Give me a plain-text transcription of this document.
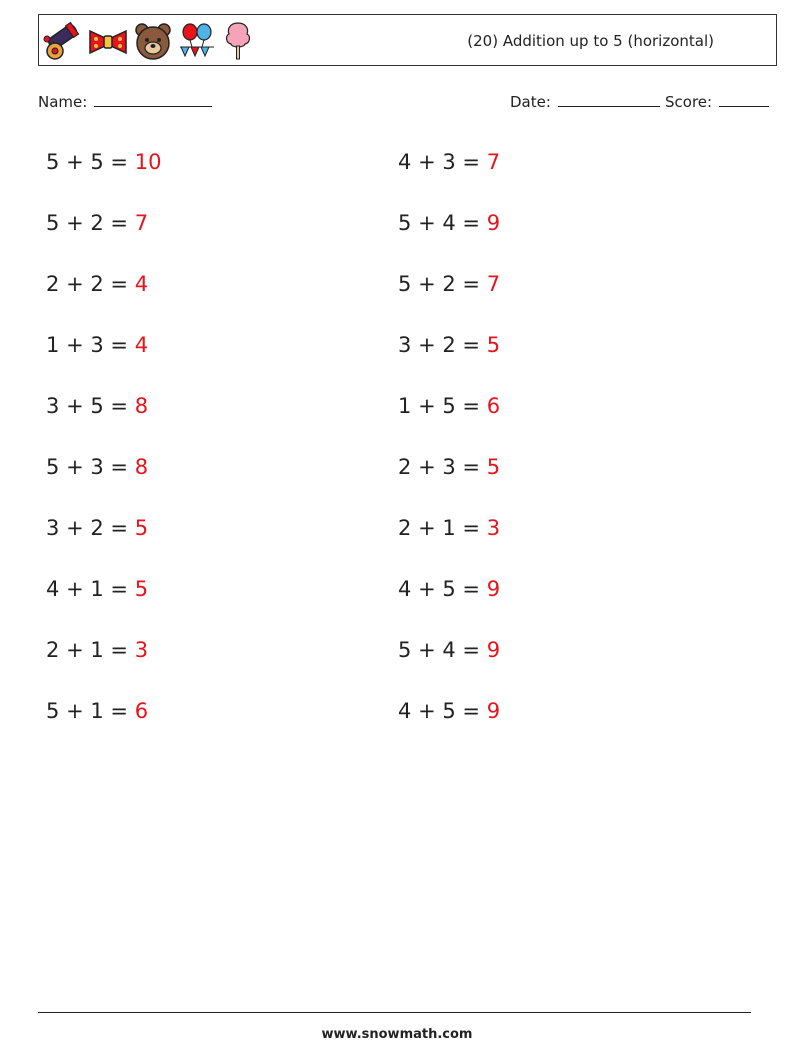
(20) Addition up to 5 (horizontal)
Name:	Date:	Score:
5 + 5 = 10
5 + 2 = 7
2 + 2 = 4
1 + 3 = 4
3 + 5 = 8
5 + 3 = 8
3 + 2 = 5
4 + 1 = 5
2 + 1 = 3
5 + 1 = 6
4 + 3 = 7
5 + 4 = 9
5 + 2 = 7
3 + 2 = 5
1 + 5 = 6
2 + 3 = 5
2 + 1 = 3
4 + 5 = 9
5 + 4 = 9
4 + 5 = 9
www.snowmath.com
